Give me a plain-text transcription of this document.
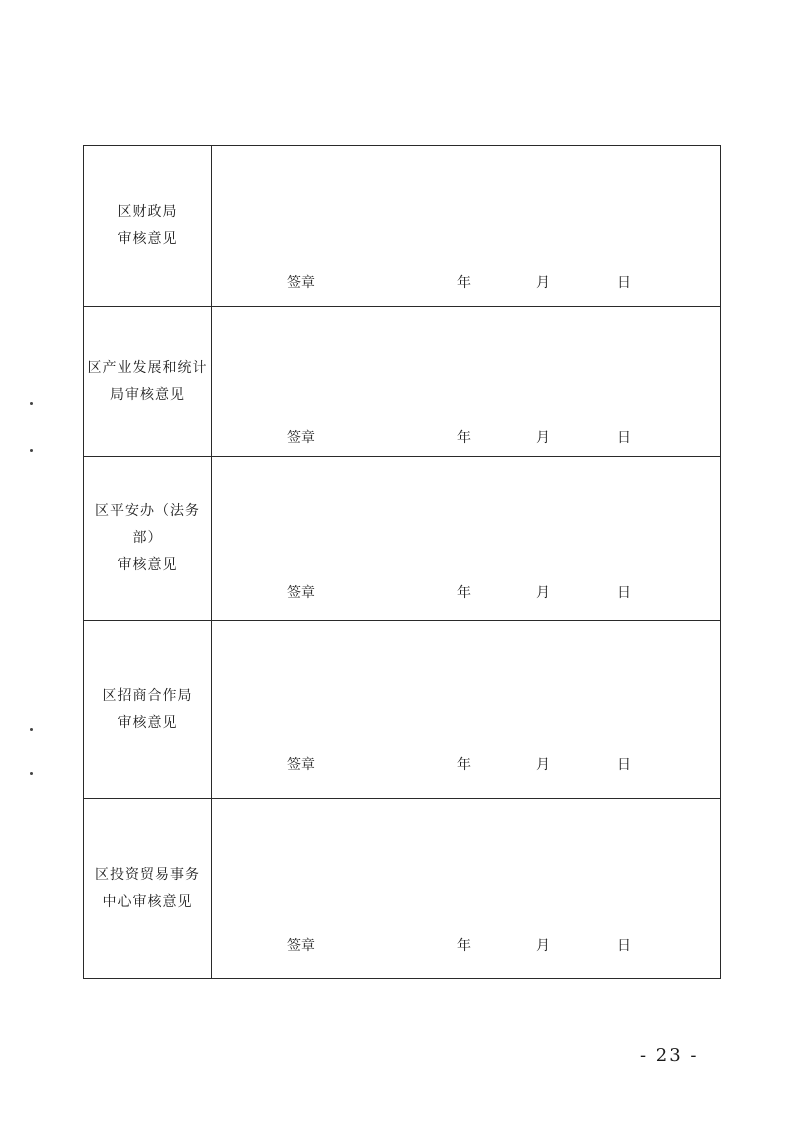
区财政局
审核意见	签章 年 月 日

区产业发展和统计
局审核意见	签章 年 月 日

区平安办（法务部）
审核意见	签章 年 月 日

区招商合作局
审核意见	签章 年 月 日

区投资贸易事务
中心审核意见	签章 年 月 日
- 23 -
